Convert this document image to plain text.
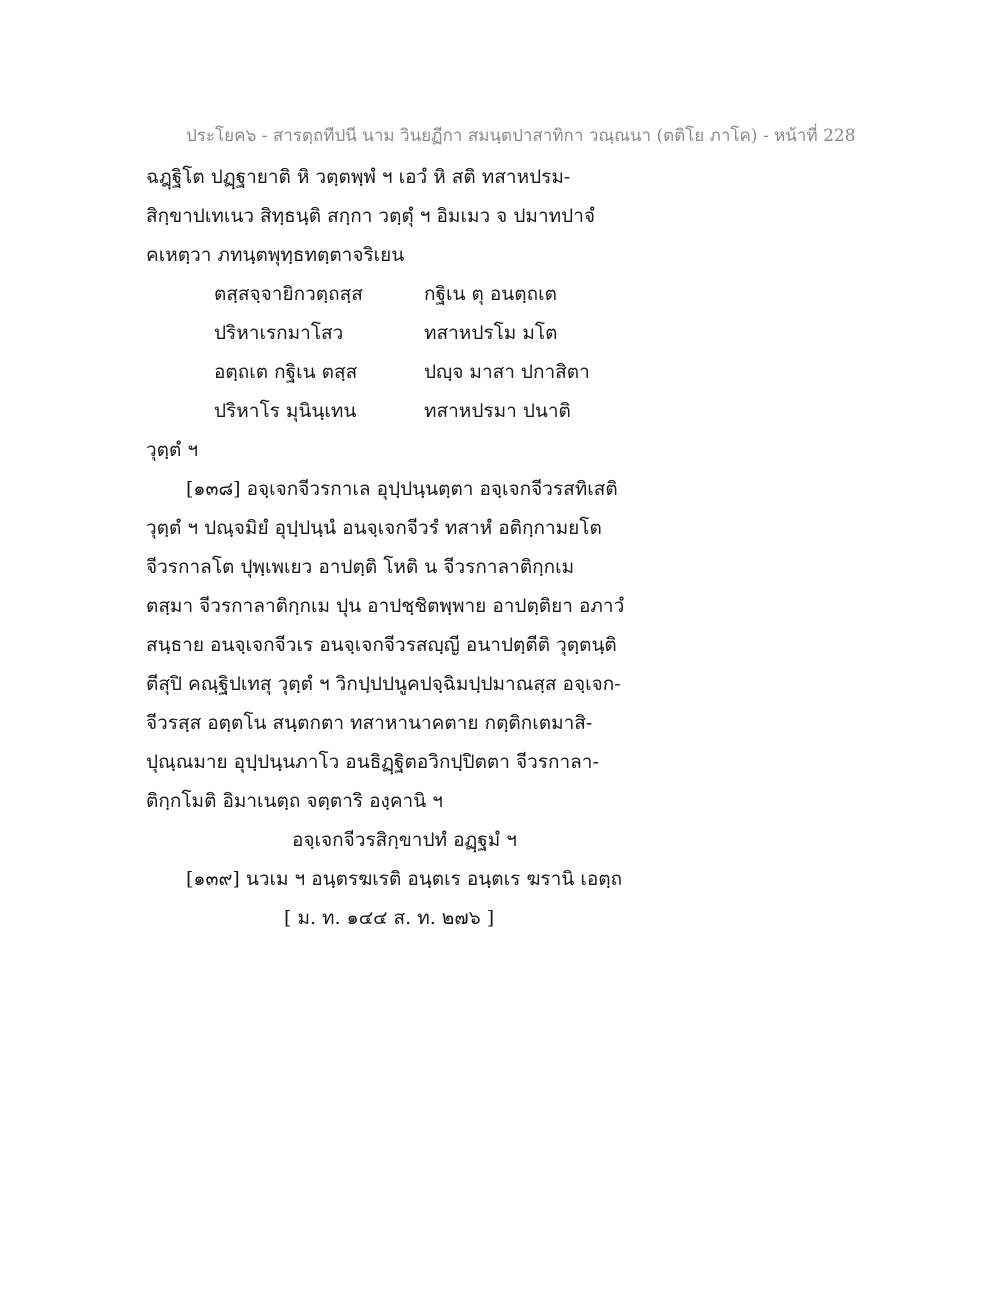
ประโยค๖ - สารตฺถทีปนี นาม วินยฏีกา สมนฺตปาสาทิกา วณฺณนา (ตติโย ภาโค) - หน้าที่ 228
ฉฎฺฐิโต ปฏฺฐายาติ หิ วตฺตพฺพํ ฯ เอวํ หิ สติ ทสาหปรม-
สิกฺขาปเทเนว สิทฺธนฺติ สกฺกา วตฺตุํ ฯ อิมเมว จ ปมาทปาจํ
คเหตฺวา ภทนฺตพุทฺธทตฺตาจริเยน
ตสฺสจฺจายิกวตฺถสฺส	กฐิเน ตุ อนตฺถเต
ปริหาเรกมาโสว	ทสาหปรโม มโต
อตฺถเต กฐิเน ตสฺส	ปญฺจ มาสา ปกาสิตา
ปริหาโร มุนินฺเทน	ทสาหปรมา ปนาติ
วุตฺตํ ฯ
[๑๓๘] อจฺเจกจีวรกาเล อุปฺปนฺนตฺตา อจฺเจกจีวรสทิเสติ
วุตฺตํ ฯ ปณฺจมิยํ อุปฺปนฺนํ อนจฺเจกจีวรํ ทสาหํ อติกฺกามยโต
จีวรกาลโต ปุพฺเพเยว อาปตฺติ โหติ น จีวรกาลาติกฺกเม
ตสฺมา จีวรกาลาติกฺกเม ปุน อาปชฺชิตพฺพาย อาปตฺติยา อภาวํ
สนฺธาย อนจฺเจกจีวเร อนจฺเจกจีวรสญฺญี อนาปตฺตีติ วุตฺตนฺติ
ตีสุปิ คณฺฐิปเทสุ วุตฺตํ ฯ วิกปฺปปนูคปจฺฉิมปฺปมาณสฺส อจฺเจก-
จีวรสฺส อตฺตโน สนฺตกตา ทสาหานาคตาย กตฺติกเตมาสิ-
ปุณฺณมาย อุปฺปนฺนภาโว อนธิฏฺฐิตอวิกปฺปิตตา จีวรกาลา-
ติกฺกโมติ อิมาเนตฺถ จตฺตาริ องฺคานิ ฯ
อจฺเจกจีวรสิกฺขาปทํ อฏฺฐมํ ฯ
[๑๓๙] นวเม ฯ อนฺตรฆเรติ อนฺตเร อนฺตเร ฆรานิ เอตฺถ
[ ม. ท. ๑๔๔ ส. ท. ๒๗๖ ]
